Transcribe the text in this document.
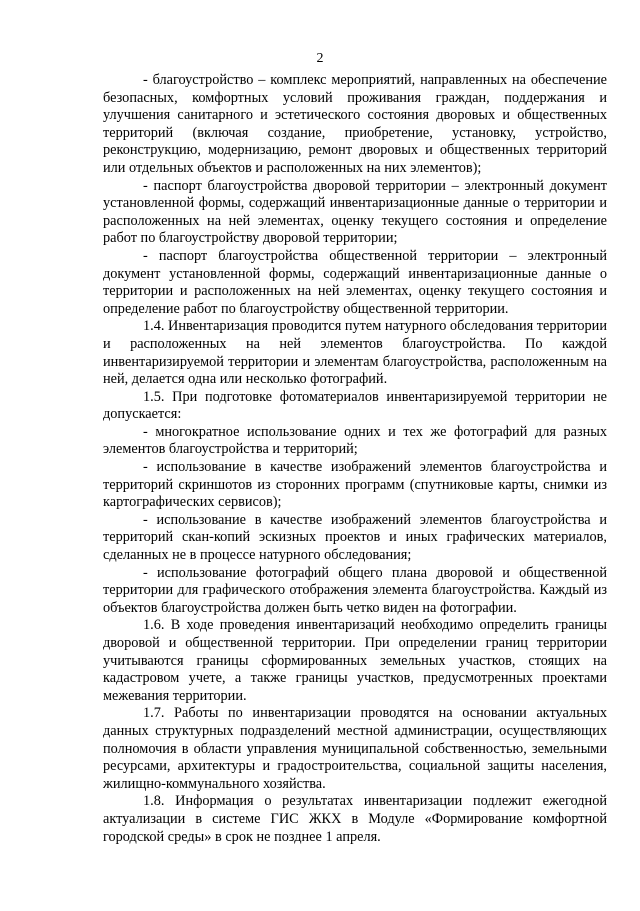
2

- благоустройство – комплекс мероприятий, направленных на обеспечение безопасных, комфортных условий проживания граждан, поддержания и улучшения санитарного и эстетического состояния дворовых и общественных территорий (включая создание, приобретение, установку, устройство, реконструкцию, модернизацию, ремонт дворовых и общественных территорий или отдельных объектов и расположенных на них элементов);

- паспорт благоустройства дворовой территории – электронный документ установленной формы, содержащий инвентаризационные данные о территории и расположенных на ней элементах, оценку текущего состояния и определение работ по благоустройству дворовой территории;

- паспорт благоустройства общественной территории – электронный документ установленной формы, содержащий инвентаризационные данные о территории и расположенных на ней элементах, оценку текущего состояния и определение работ по благоустройству общественной территории.

1.4. Инвентаризация проводится путем натурного обследования территории и расположенных на ней элементов благоустройства. По каждой инвентаризируемой территории и элементам благоустройства, расположенным на ней, делается одна или несколько фотографий.

1.5. При подготовке фотоматериалов инвентаризируемой территории не допускается:

- многократное использование одних и тех же фотографий для разных элементов благоустройства и территорий;

- использование в качестве изображений элементов благоустройства и территорий скриншотов из сторонних программ (спутниковые карты, снимки из картографических сервисов);

- использование в качестве изображений элементов благоустройства и территорий скан-копий эскизных проектов и иных графических материалов, сделанных не в процессе натурного обследования;

- использование фотографий общего плана дворовой и общественной территории для графического отображения элемента благоустройства. Каждый из объектов благоустройства должен быть четко виден на фотографии.

1.6. В ходе проведения инвентаризаций необходимо определить границы дворовой и общественной территории. При определении границ территории учитываются границы сформированных земельных участков, стоящих на кадастровом учете, а также границы участков, предусмотренных проектами межевания территории.

1.7. Работы по инвентаризации проводятся на основании актуальных данных структурных подразделений местной администрации, осуществляющих полномочия в области управления муниципальной собственностью, земельными ресурсами, архитектуры и градостроительства, социальной защиты населения, жилищно-коммунального хозяйства.

1.8. Информация о результатах инвентаризации подлежит ежегодной актуализации в системе ГИС ЖКХ в Модуле «Формирование комфортной городской среды» в срок не позднее 1 апреля.
